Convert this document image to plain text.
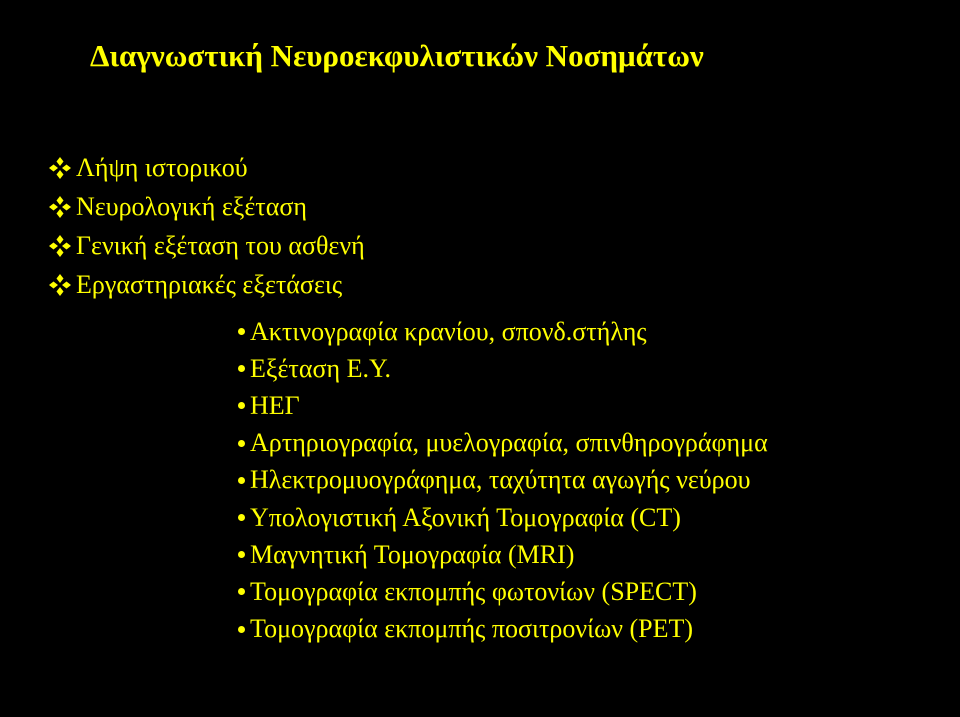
Διαγνωστική Νευροεκφυλιστικών Νοσημάτων
Λήψη ιστορικού
Νευρολογική εξέταση
Γενική εξέταση του ασθενή
Εργαστηριακές εξετάσεις
Ακτινογραφία κρανίου, σπονδ.στήλης
Εξέταση Ε.Υ.
ΗΕΓ
Αρτηριογραφία, μυελογραφία, σπινθηρογράφημα
Ηλεκτρομυογράφημα, ταχύτητα αγωγής νεύρου
Υπολογιστική Αξονική Τομογραφία (CT)
Μαγνητική Τομογραφία (MRI)
Τομογραφία εκπομπής φωτονίων (SPECT)
Τομογραφία εκπομπής ποσιτρονίων (PET)
